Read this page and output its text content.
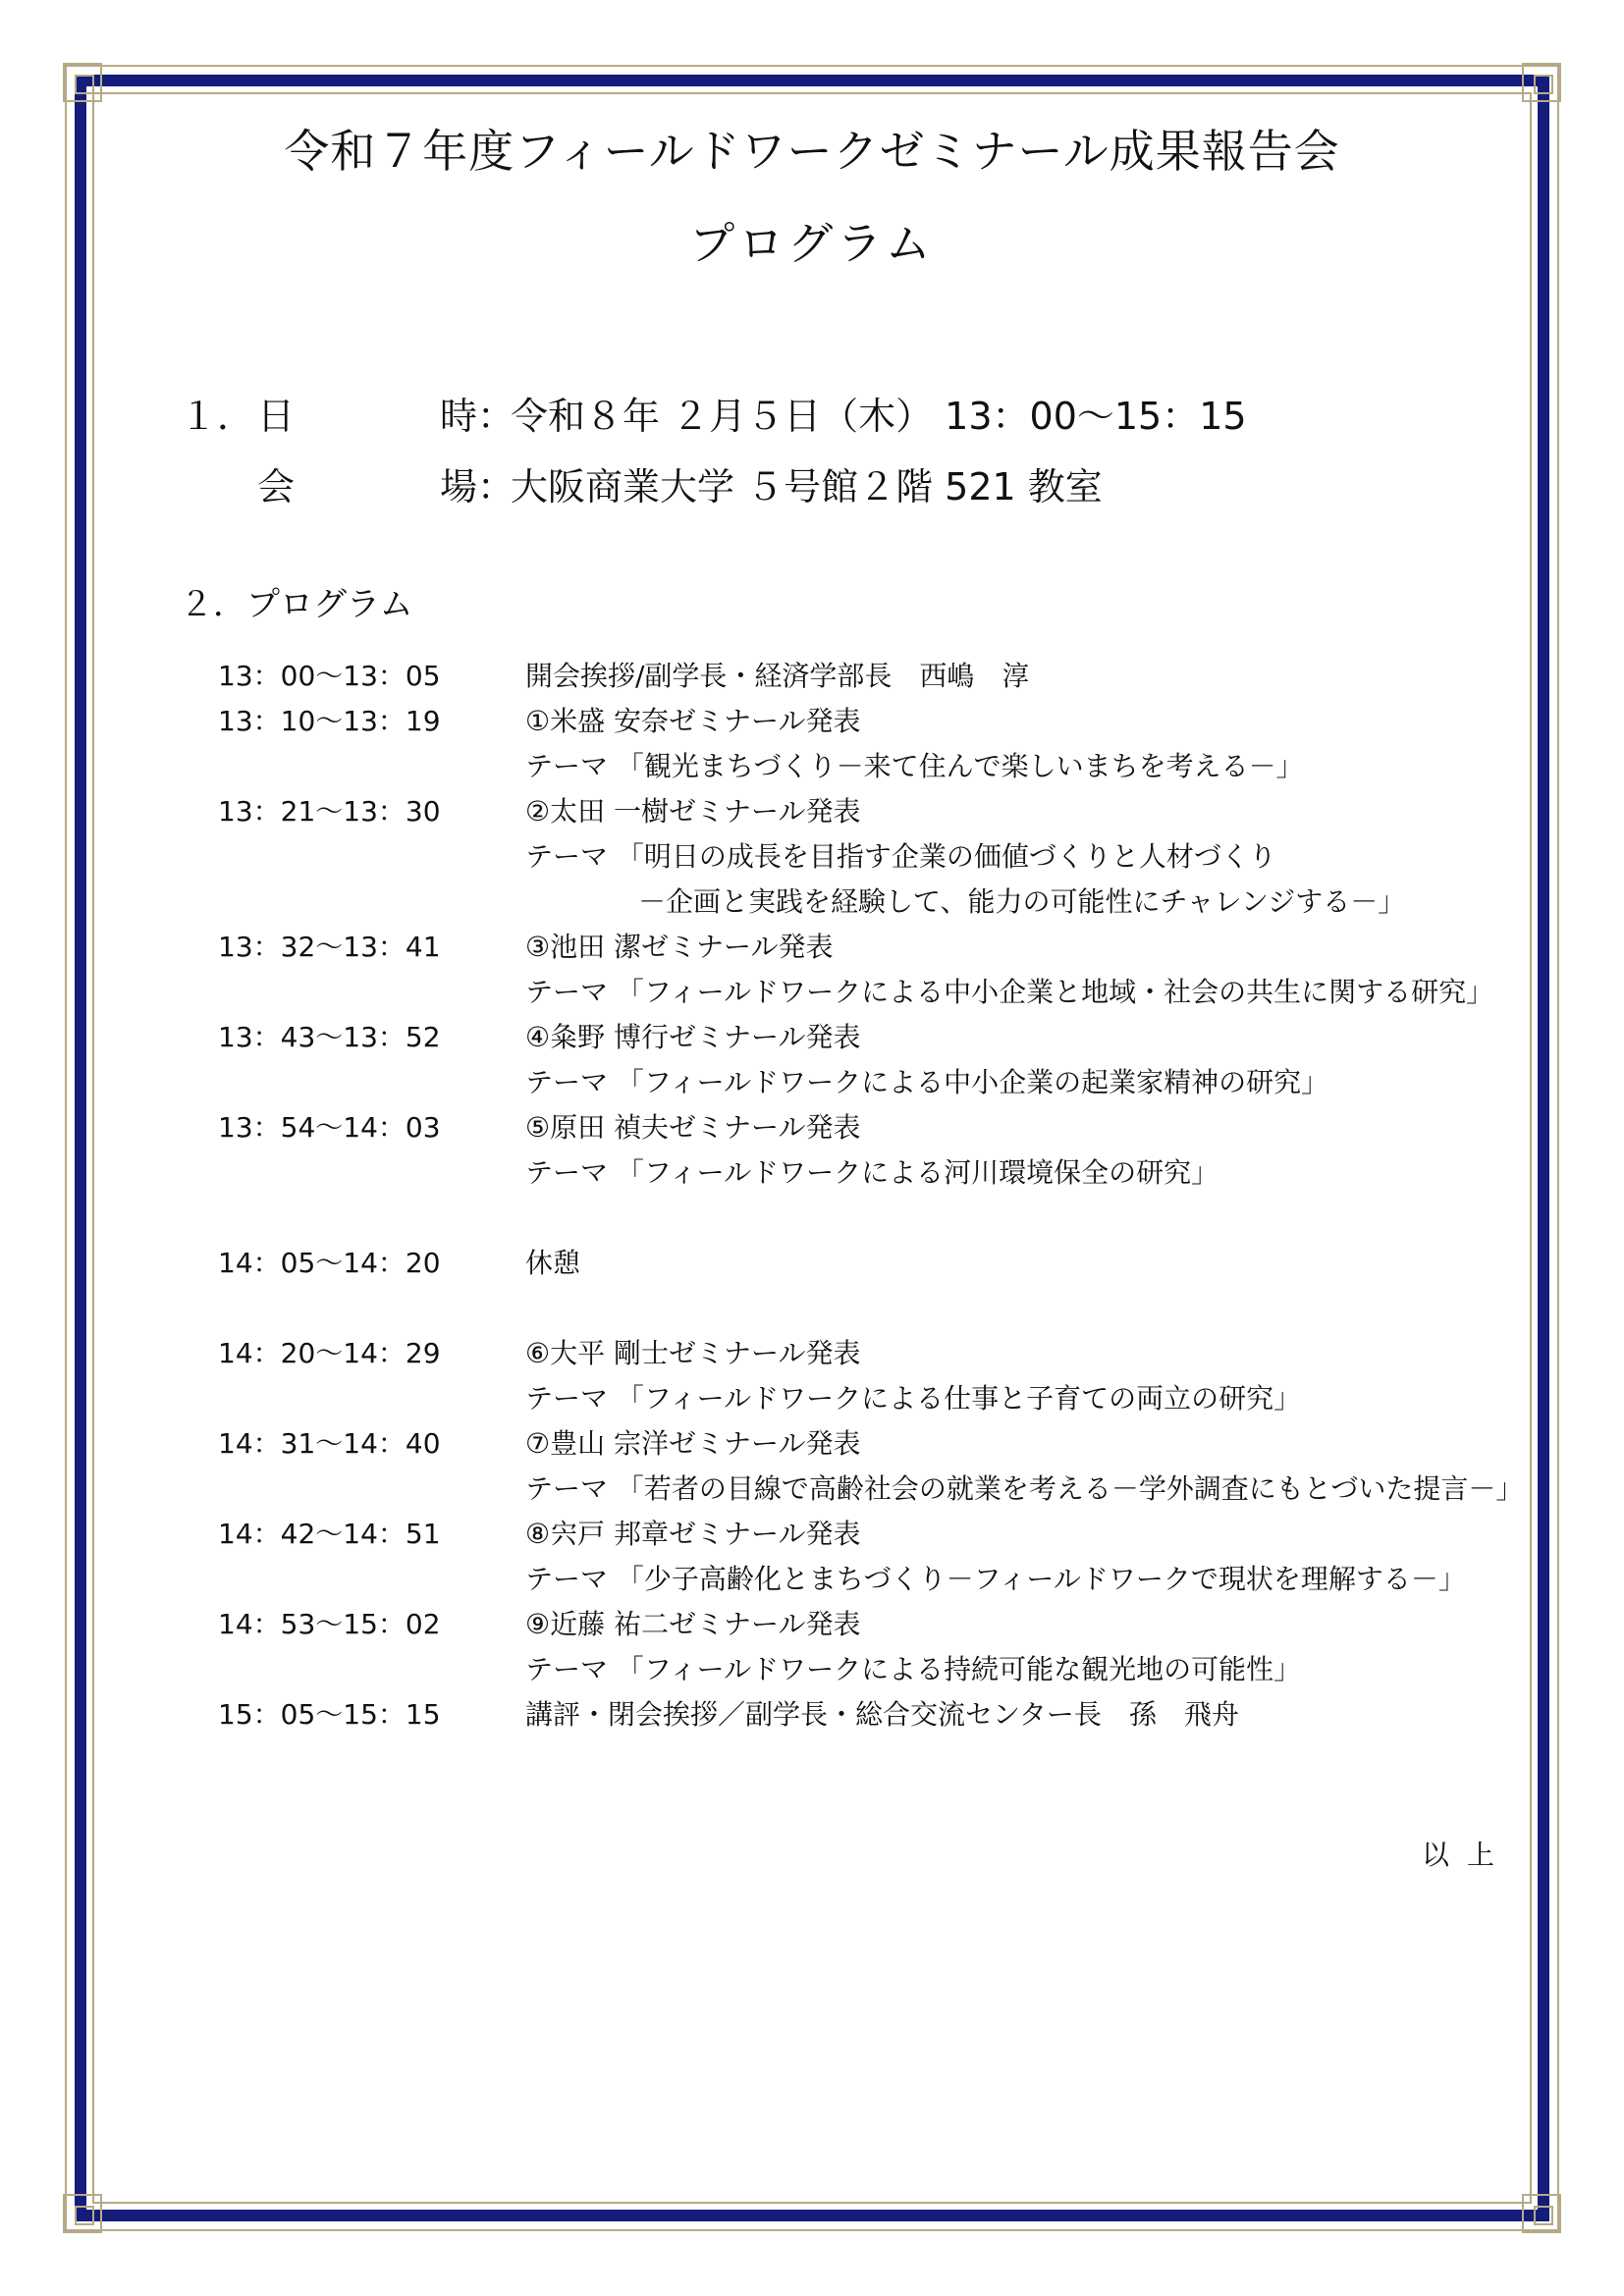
令和７年度フィールドワークゼミナール成果報告会
プログラム
１． 日	時：
令和８年 ２月５日（木） 13：00～15：15
会	場：
大阪商業大学 ５号館２階 521 教室
２．プログラム
13：00～13：05	開会挨拶/副学長・経済学部長　西嶋　淳
13：10～13：19	①米盛 安奈ゼミナール発表
テーマ 「観光まちづくり－来て住んで楽しいまちを考える－」
13：21～13：30	②太田 一樹ゼミナール発表
テーマ 「明日の成長を目指す企業の価値づくりと人材づくり
－企画と実践を経験して、能力の可能性にチャレンジする－」
13：32～13：41	③池田 潔ゼミナール発表
テーマ 「フィールドワークによる中小企業と地域・社会の共生に関する研究」
13：43～13：52	④粂野 博行ゼミナール発表
テーマ 「フィールドワークによる中小企業の起業家精神の研究」
13：54～14：03	⑤原田 禎夫ゼミナール発表
テーマ 「フィールドワークによる河川環境保全の研究」
14：05～14：20	休憩
14：20～14：29	⑥大平 剛士ゼミナール発表
テーマ 「フィールドワークによる仕事と子育ての両立の研究」
14：31～14：40	⑦豊山 宗洋ゼミナール発表
テーマ 「若者の目線で高齢社会の就業を考える－学外調査にもとづいた提言－」
14：42～14：51	⑧宍戸 邦章ゼミナール発表
テーマ 「少子高齢化とまちづくり－フィールドワークで現状を理解する－」
14：53～15：02	⑨近藤 祐二ゼミナール発表
テーマ 「フィールドワークによる持続可能な観光地の可能性」
15：05～15：15	講評・閉会挨拶／副学長・総合交流センター長　孫　飛舟
以上
